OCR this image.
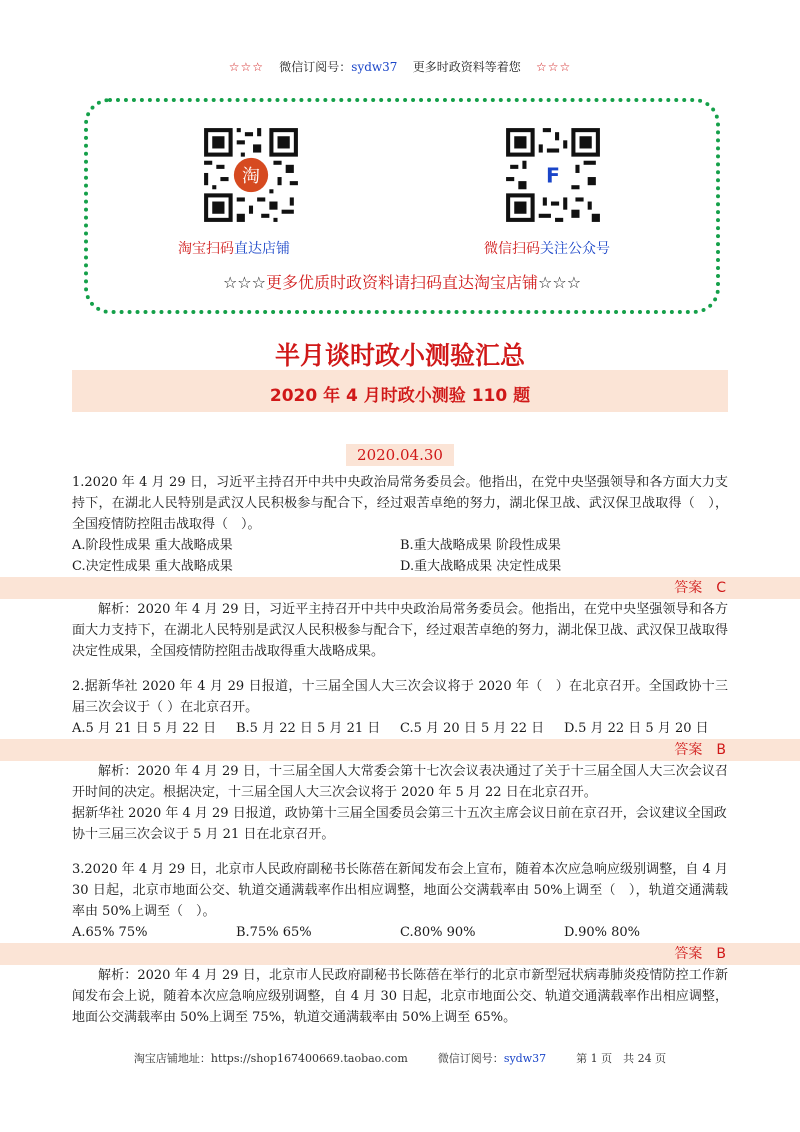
☆☆☆ 微信订阅号：sydw37 更多时政资料等着您 ☆☆☆
淘	F
淘宝扫码直达店铺	微信扫码关注公众号
☆☆☆更多优质时政资料请扫码直达淘宝店铺☆☆☆
半月谈时政小测验汇总
2020 年 4 月时政小测验 110 题
2020.04.30
1.2020 年 4 月 29 日，习近平主持召开中共中央政治局常务委员会。他指出，在党中央坚强领导和各方面大力支持下，在湖北人民特别是武汉人民积极参与配合下，经过艰苦卓绝的努力，湖北保卫战、武汉保卫战取得（　），全国疫情防控阻击战取得（　）。
A.阶段性成果 重大战略成果	B.重大战略成果 阶段性成果
C.决定性成果 重大战略成果	D.重大战略成果 决定性成果
答案　C
解析：2020 年 4 月 29 日，习近平主持召开中共中央政治局常务委员会。他指出，在党中央坚强领导和各方面大力支持下，在湖北人民特别是武汉人民积极参与配合下，经过艰苦卓绝的努力，湖北保卫战、武汉保卫战取得决定性成果，全国疫情防控阻击战取得重大战略成果。
2.据新华社 2020 年 4 月 29 日报道，十三届全国人大三次会议将于 2020 年（　）在北京召开。全国政协十三届三次会议于（ ）在北京召开。
A.5 月 21 日 5 月 22 日	B.5 月 22 日 5 月 21 日	C.5 月 20 日 5 月 22 日	D.5 月 22 日 5 月 20 日
答案　B
解析：2020 年 4 月 29 日，十三届全国人大常委会第十七次会议表决通过了关于十三届全国人大三次会议召开时间的决定。根据决定，十三届全国人大三次会议将于 2020 年 5 月 22 日在北京召开。
据新华社 2020 年 4 月 29 日报道，政协第十三届全国委员会第三十五次主席会议日前在京召开，会议建议全国政协十三届三次会议于 5 月 21 日在北京召开。
3.2020 年 4 月 29 日，北京市人民政府副秘书长陈蓓在新闻发布会上宣布，随着本次应急响应级别调整，自 4 月 30 日起，北京市地面公交、轨道交通满载率作出相应调整，地面公交满载率由 50%上调至（　），轨道交通满载率由 50%上调至（　）。
A.65% 75%	B.75% 65%	C.80% 90%	D.90% 80%
答案　B
解析：2020 年 4 月 29 日，北京市人民政府副秘书长陈蓓在举行的北京市新型冠状病毒肺炎疫情防控工作新闻发布会上说，随着本次应急响应级别调整，自 4 月 30 日起，北京市地面公交、轨道交通满载率作出相应调整，地面公交满载率由 50%上调至 75%，轨道交通满载率由 50%上调至 65%。
淘宝店铺地址：https://shop167400669.taobao.com	微信订阅号：sydw37	第 1 页　共 24 页
